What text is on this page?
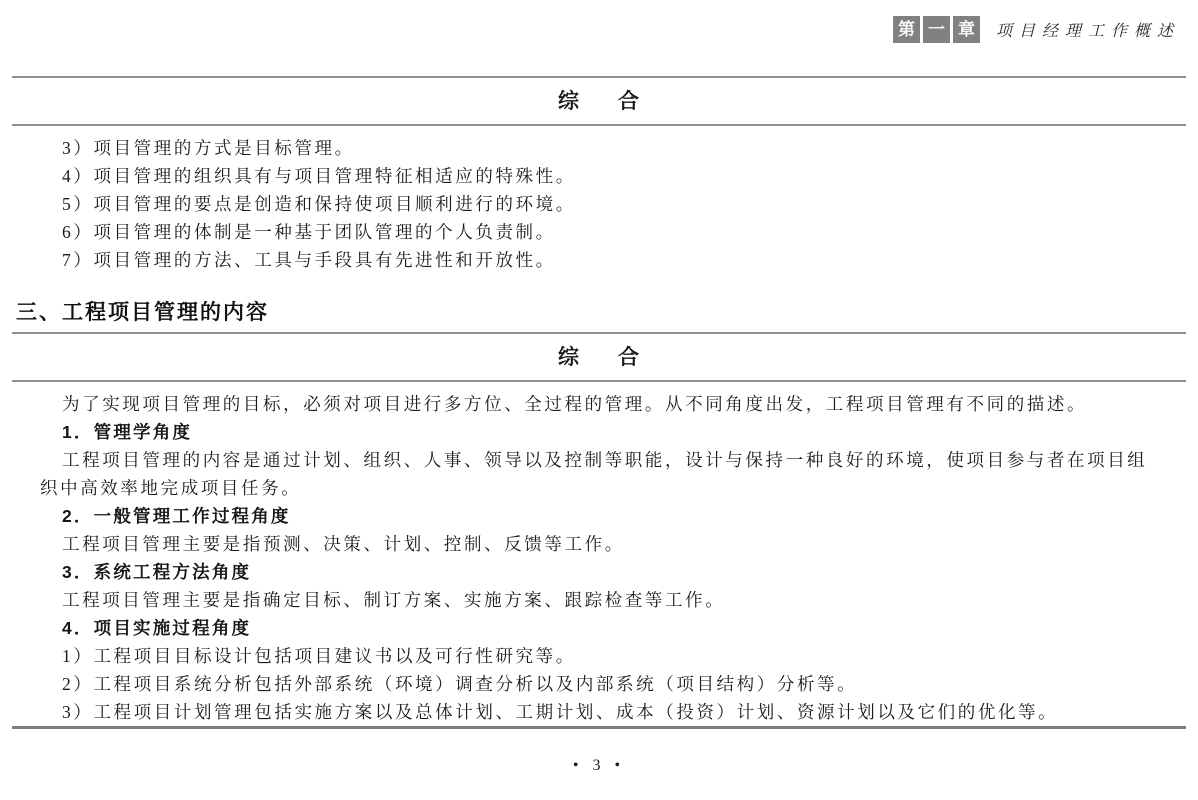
第 一 章	项目经理工作概述
综 合

3）项目管理的方式是目标管理。

4）项目管理的组织具有与项目管理特征相适应的特殊性。

5）项目管理的要点是创造和保持使项目顺利进行的环境。

6）项目管理的体制是一种基于团队管理的个人负责制。

7）项目管理的方法、工具与手段具有先进性和开放性。

三、工程项目管理的内容
综 合

为了实现项目管理的目标，必须对项目进行多方位、全过程的管理。从不同角度出发，工程项目管理有不同的描述。

1．管理学角度

工程项目管理的内容是通过计划、组织、人事、领导以及控制等职能，设计与保持一种良好的环境，使项目参与者在项目组织中高效率地完成项目任务。

2．一般管理工作过程角度

工程项目管理主要是指预测、决策、计划、控制、反馈等工作。

3．系统工程方法角度

工程项目管理主要是指确定目标、制订方案、实施方案、跟踪检查等工作。

4．项目实施过程角度

1）工程项目目标设计包括项目建议书以及可行性研究等。

2）工程项目系统分析包括外部系统（环境）调查分析以及内部系统（项目结构）分析等。

3）工程项目计划管理包括实施方案以及总体计划、工期计划、成本（投资）计划、资源计划以及它们的优化等。

• 3 •
